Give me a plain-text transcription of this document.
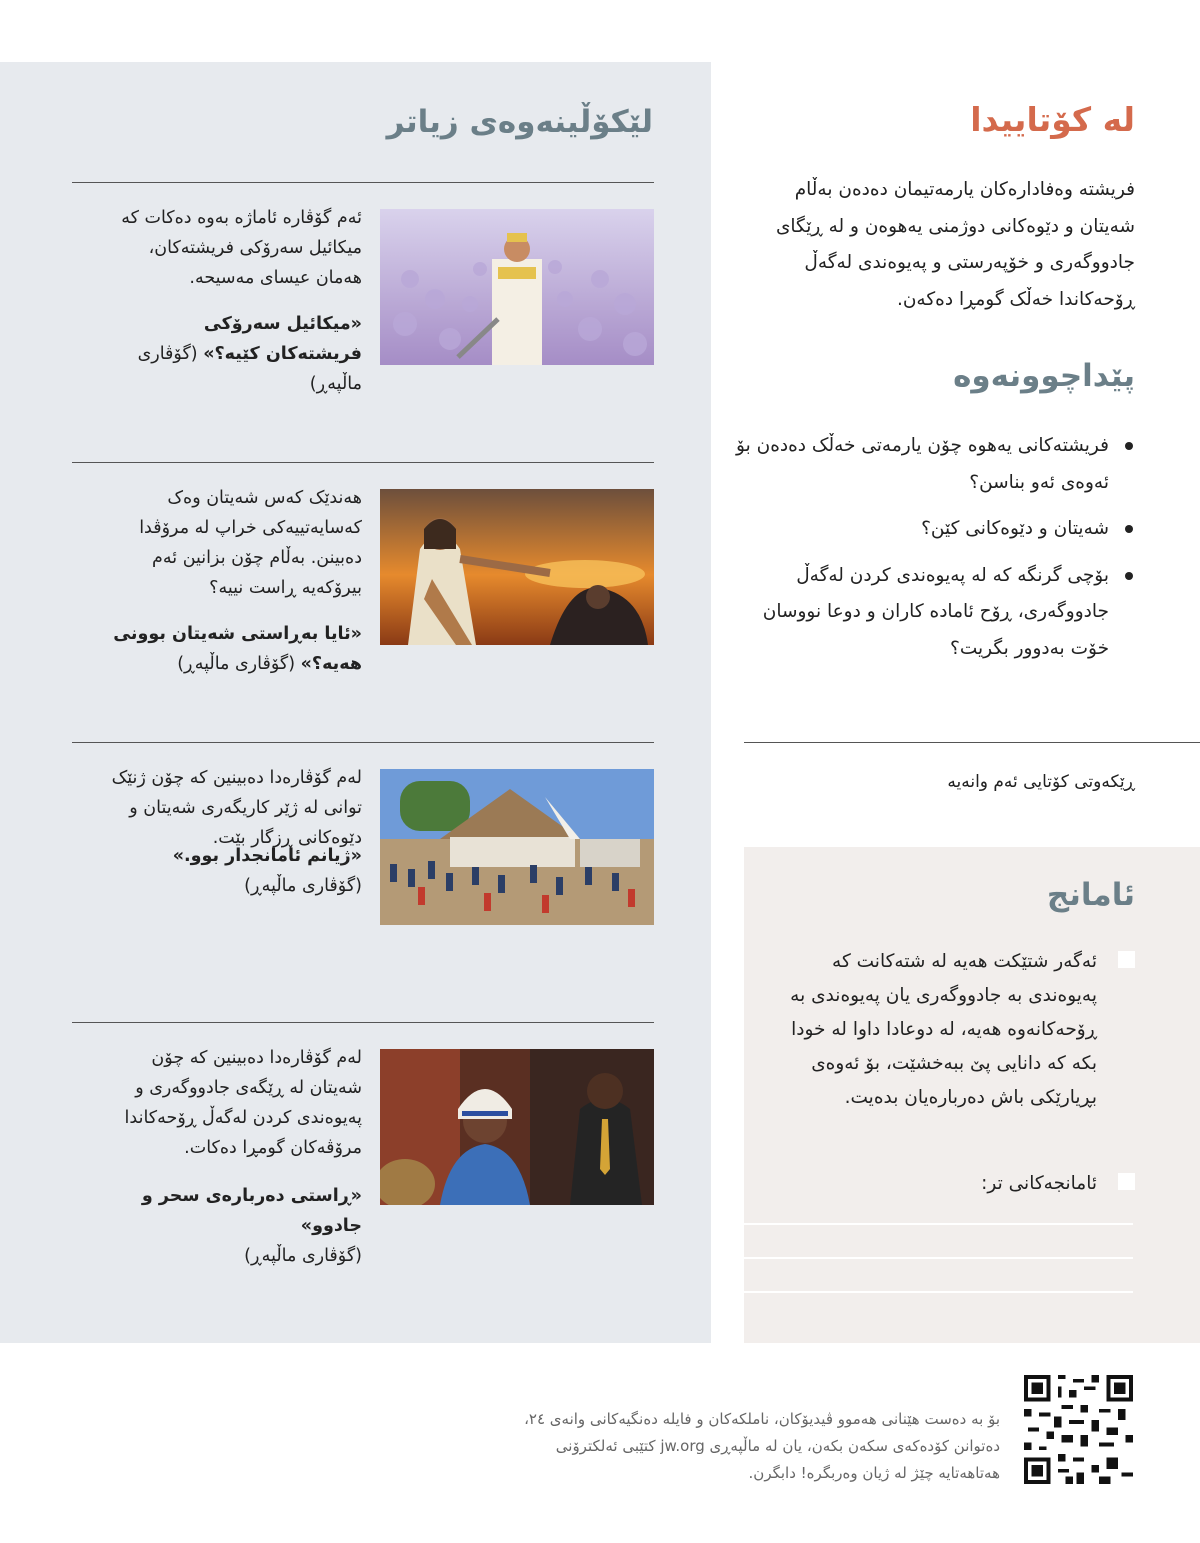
لێکۆڵینەوەی زیاتر

ئەم گۆڤارە ئاماژە بەوە دەکات کە میکائیل سەرۆکی فریشتەکان، هەمان عیسای مەسیحە.

«میکائیل سەرۆکی فریشتەکان کێیە؟» (گۆڤاری ماڵپەڕ)

هەندێک کەس شەیتان وەک کەسایەتییەکی خراپ لە مرۆڤدا دەبینن. بەڵام چۆن بزانین ئەم بیرۆکەیە ڕاست نییە؟

«ئایا بەڕاستی شەیتان بوونی هەیە؟» (گۆڤاری ماڵپەڕ)

لەم گۆڤارەدا دەبینین کە چۆن ژنێک توانی لە ژێر کاریگەری شەیتان و دێوەکانی ڕزگار بێت.

«ژیانم ئامانجدار بوو.»
(گۆڤاری ماڵپەڕ)

لەم گۆڤارەدا دەبینین کە چۆن شەیتان لە ڕێگەی جادووگەری و پەیوەندی کردن لەگەڵ ڕۆحەکاندا مرۆڤەکان گومڕا دەکات.

«ڕاستی دەربارەی سحر و جادوو»
(گۆڤاری ماڵپەڕ)

لە کۆتاییدا

فریشتە وەفادارەکان یارمەتیمان دەدەن بەڵام شەیتان و دێوەکانی دوژمنی یەهوەن و لە ڕێگای جادووگەری و خۆپەرستی و پەیوەندی لەگەڵ ڕۆحەکاندا خەڵک گومڕا دەکەن.

پێداچوونەوە
فریشتەکانی یەهوە چۆن یارمەتی خەڵک دەدەن بۆ ئەوەی ئەو بناسن؟
شەیتان و دێوەکانی کێن؟
بۆچی گرنگە کە لە پەیوەندی کردن لەگەڵ جادووگەری، ڕۆح ئامادە کاران و دوعا نووسان خۆت بەدوور بگریت؟

ڕێکەوتی کۆتایی ئەم وانەیە

ئامانج

ئەگەر شتێکت هەیە لە شتەکانت کە پەیوەندی بە جادووگەری یان پەیوەندی بە ڕۆحەکانەوە هەیە، لە دوعادا داوا لە خودا بکە کە دانایی پێ ببەخشێت، بۆ ئەوەی بڕیارێکی باش دەربارەیان بدەیت.

ئامانجەکانی تر:

بۆ بە دەست هێنانی هەموو ڤیدیۆکان، ناملکەکان و فایلە دەنگیەکانی وانەی ٢٤، دەتوانن کۆدەکەی سکەن بکەن، یان لە ماڵپەڕی jw.org کتێبی ئەلکترۆنی هەتاهەتایە چێژ لە ژیان وەربگرە! دابگرن.
